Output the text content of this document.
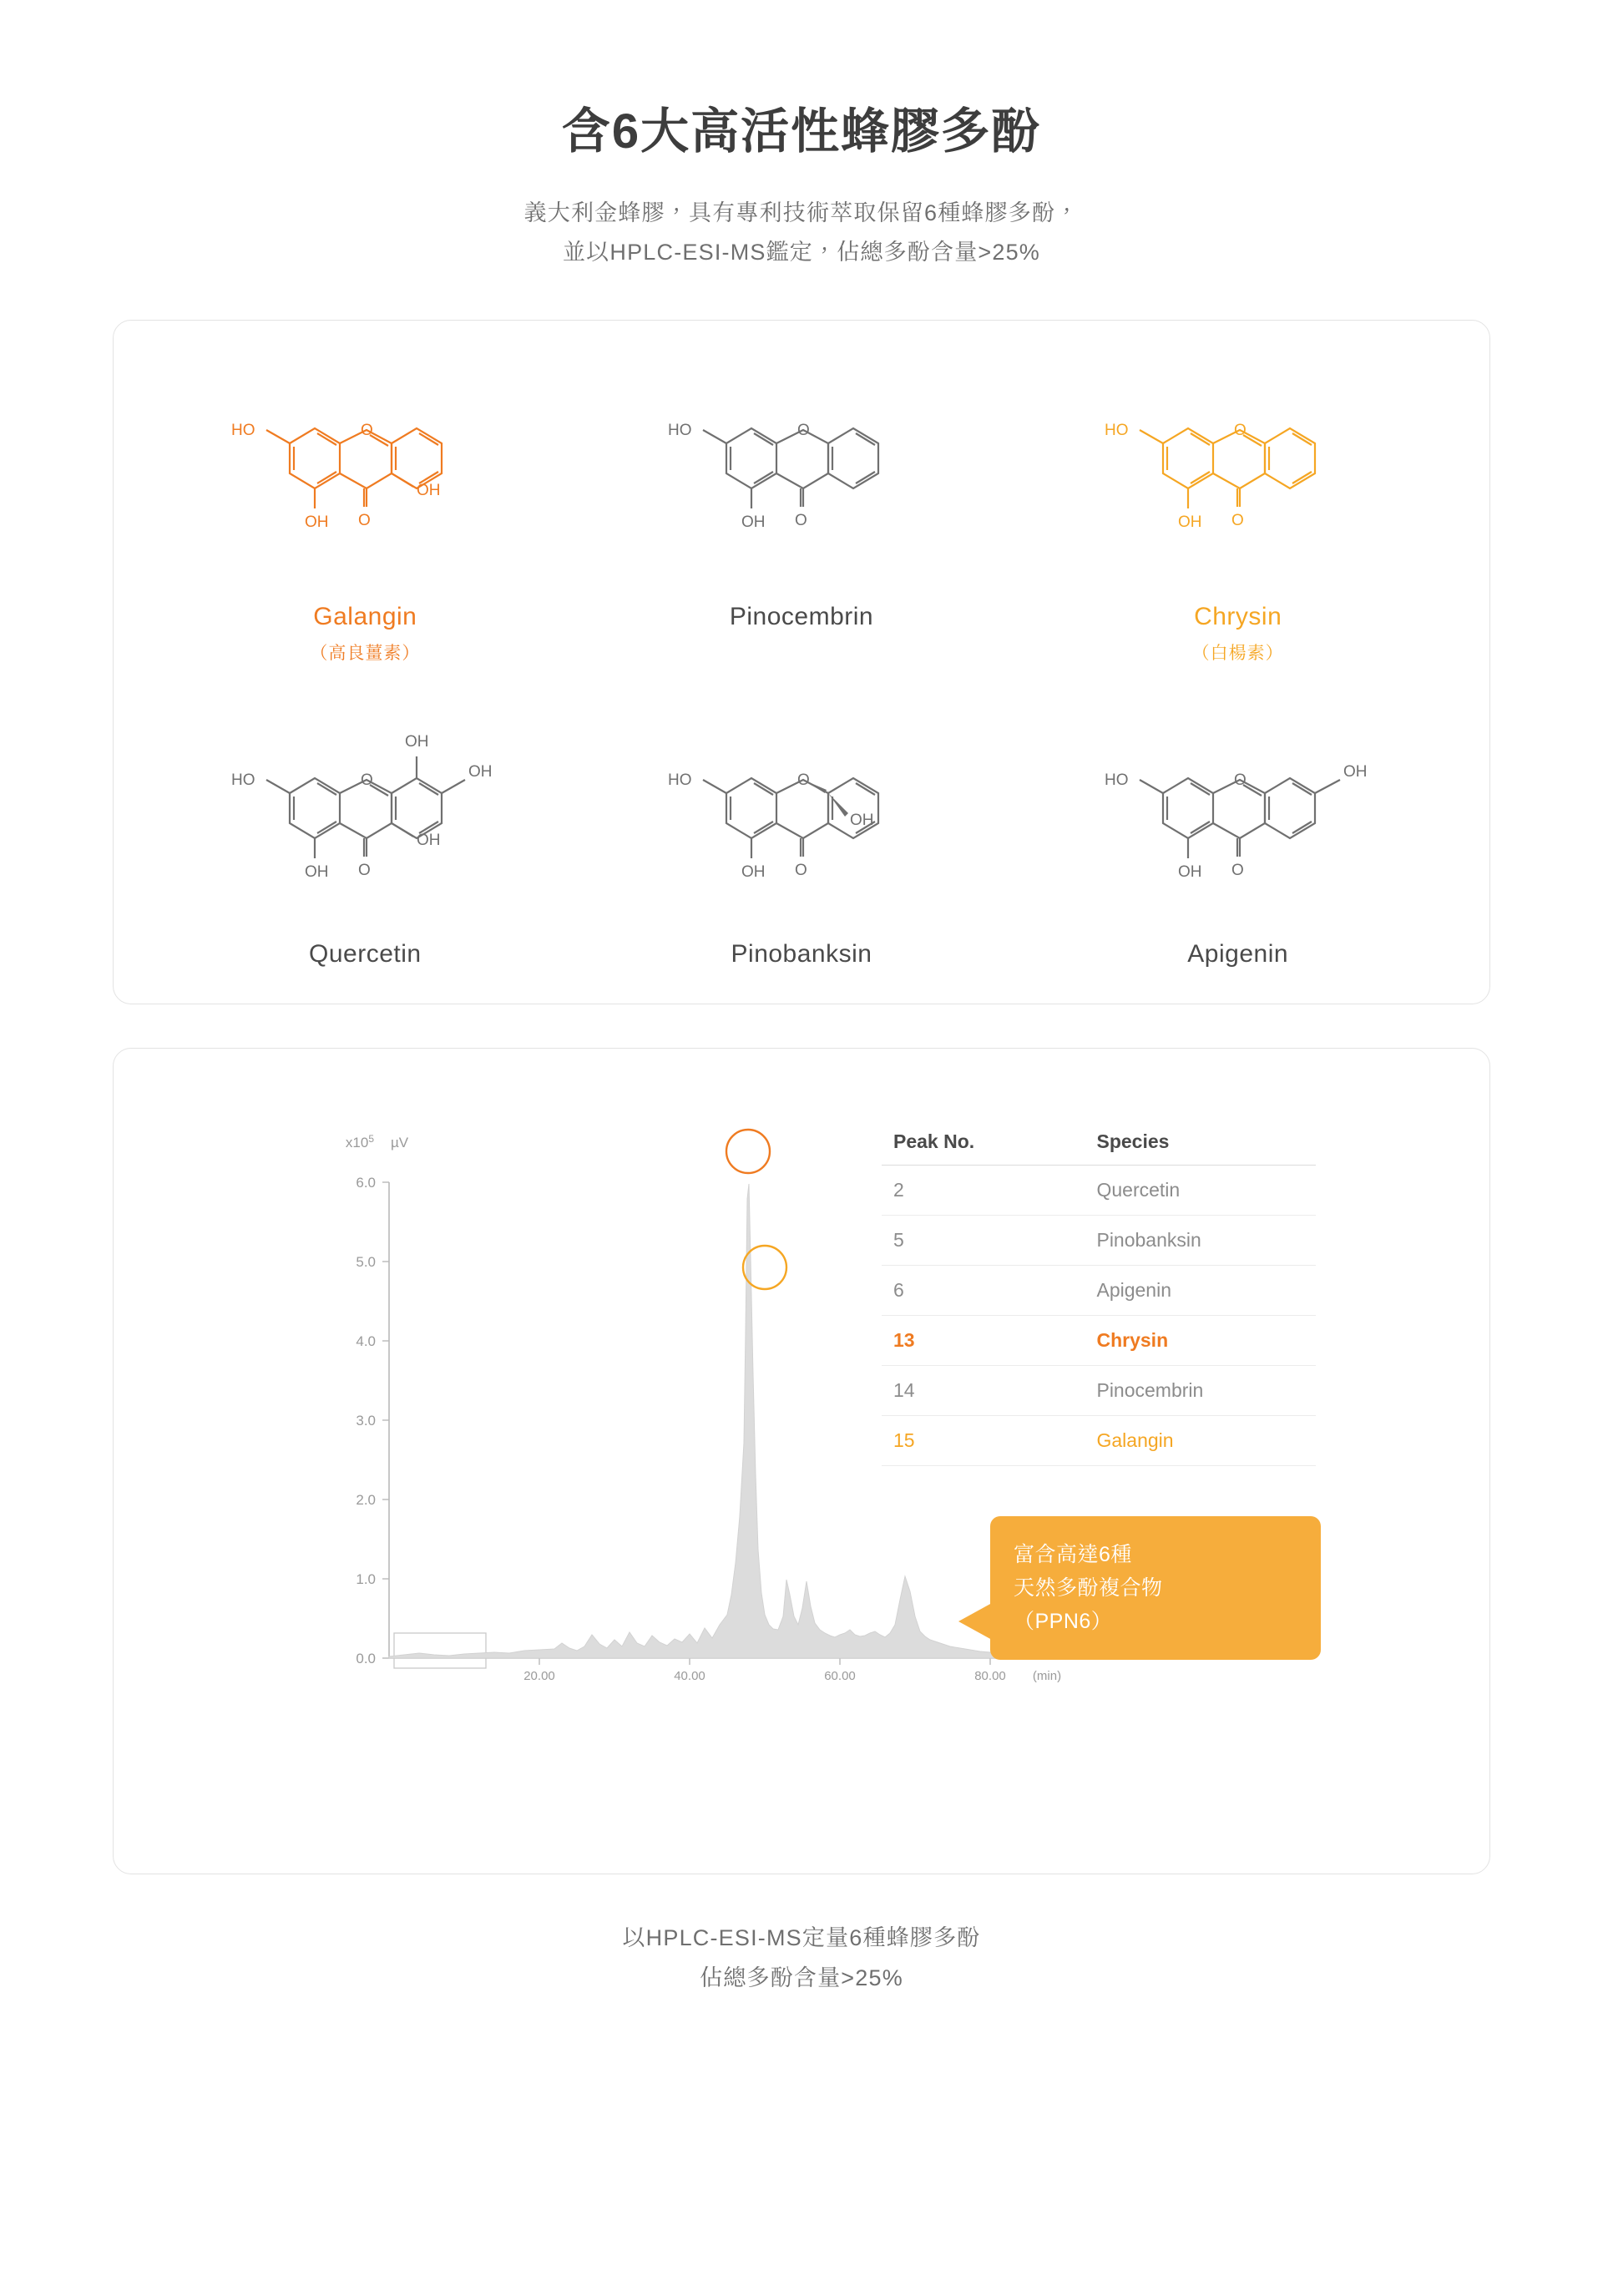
含6大高活性蜂膠多酚
義大利金蜂膠，具有專利技術萃取保留6種蜂膠多酚，
並以HPLC-ESI-MS鑑定，佔總多酚含量>25%
HO
OH O
OH
O
Galangin
（高良薑素）
HO
OH O
O
Pinocembrin
HO
OH O
O
Chrysin
（白楊素）
HO
OH O
OH
O
OH
OH
Quercetin
HO
OH O
OH
O
Pinobanksin
HO
OH O
O	OH
Apigenin
0.0
1.0
2.0
3.0
4.0
5.0
6.0
$x10^5$ µV
20.00	40.00	60.00	80.00 (min)
Peak No.	Species
2	Quercetin
5	Pinobanksin
6	Apigenin
13	Chrysin
14	Pinocembrin
15	Galangin
富含高達6種
天然多酚複合物
（PPN6）
以HPLC-ESI-MS定量6種蜂膠多酚
佔總多酚含量>25%
